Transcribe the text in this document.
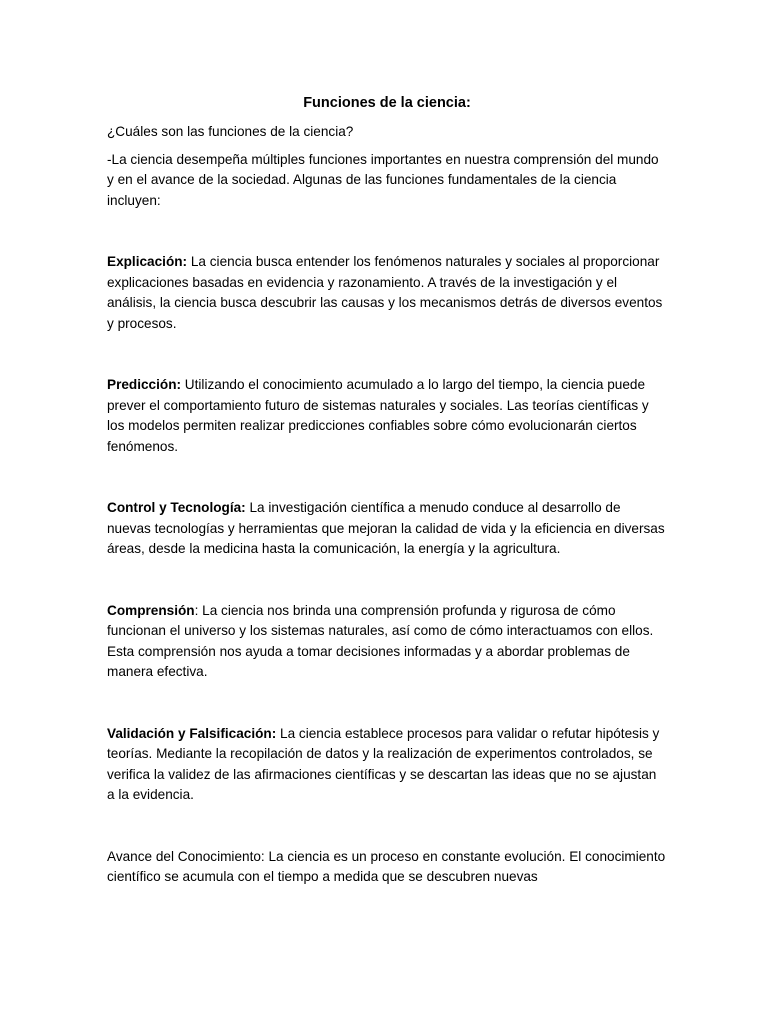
Funciones de la ciencia:
¿Cuáles son las funciones de la ciencia?
-La ciencia desempeña múltiples funciones importantes en nuestra comprensión del mundo y en el avance de la sociedad. Algunas de las funciones fundamentales de la ciencia incluyen:
Explicación: La ciencia busca entender los fenómenos naturales y sociales al proporcionar explicaciones basadas en evidencia y razonamiento. A través de la investigación y el análisis, la ciencia busca descubrir las causas y los mecanismos detrás de diversos eventos y procesos.
Predicción: Utilizando el conocimiento acumulado a lo largo del tiempo, la ciencia puede prever el comportamiento futuro de sistemas naturales y sociales. Las teorías científicas y los modelos permiten realizar predicciones confiables sobre cómo evolucionarán ciertos fenómenos.
Control y Tecnología: La investigación científica a menudo conduce al desarrollo de nuevas tecnologías y herramientas que mejoran la calidad de vida y la eficiencia en diversas áreas, desde la medicina hasta la comunicación, la energía y la agricultura.
Comprensión: La ciencia nos brinda una comprensión profunda y rigurosa de cómo funcionan el universo y los sistemas naturales, así como de cómo interactuamos con ellos. Esta comprensión nos ayuda a tomar decisiones informadas y a abordar problemas de manera efectiva.
Validación y Falsificación: La ciencia establece procesos para validar o refutar hipótesis y teorías. Mediante la recopilación de datos y la realización de experimentos controlados, se verifica la validez de las afirmaciones científicas y se descartan las ideas que no se ajustan a la evidencia.
Avance del Conocimiento: La ciencia es un proceso en constante evolución. El conocimiento científico se acumula con el tiempo a medida que se descubren nuevas
